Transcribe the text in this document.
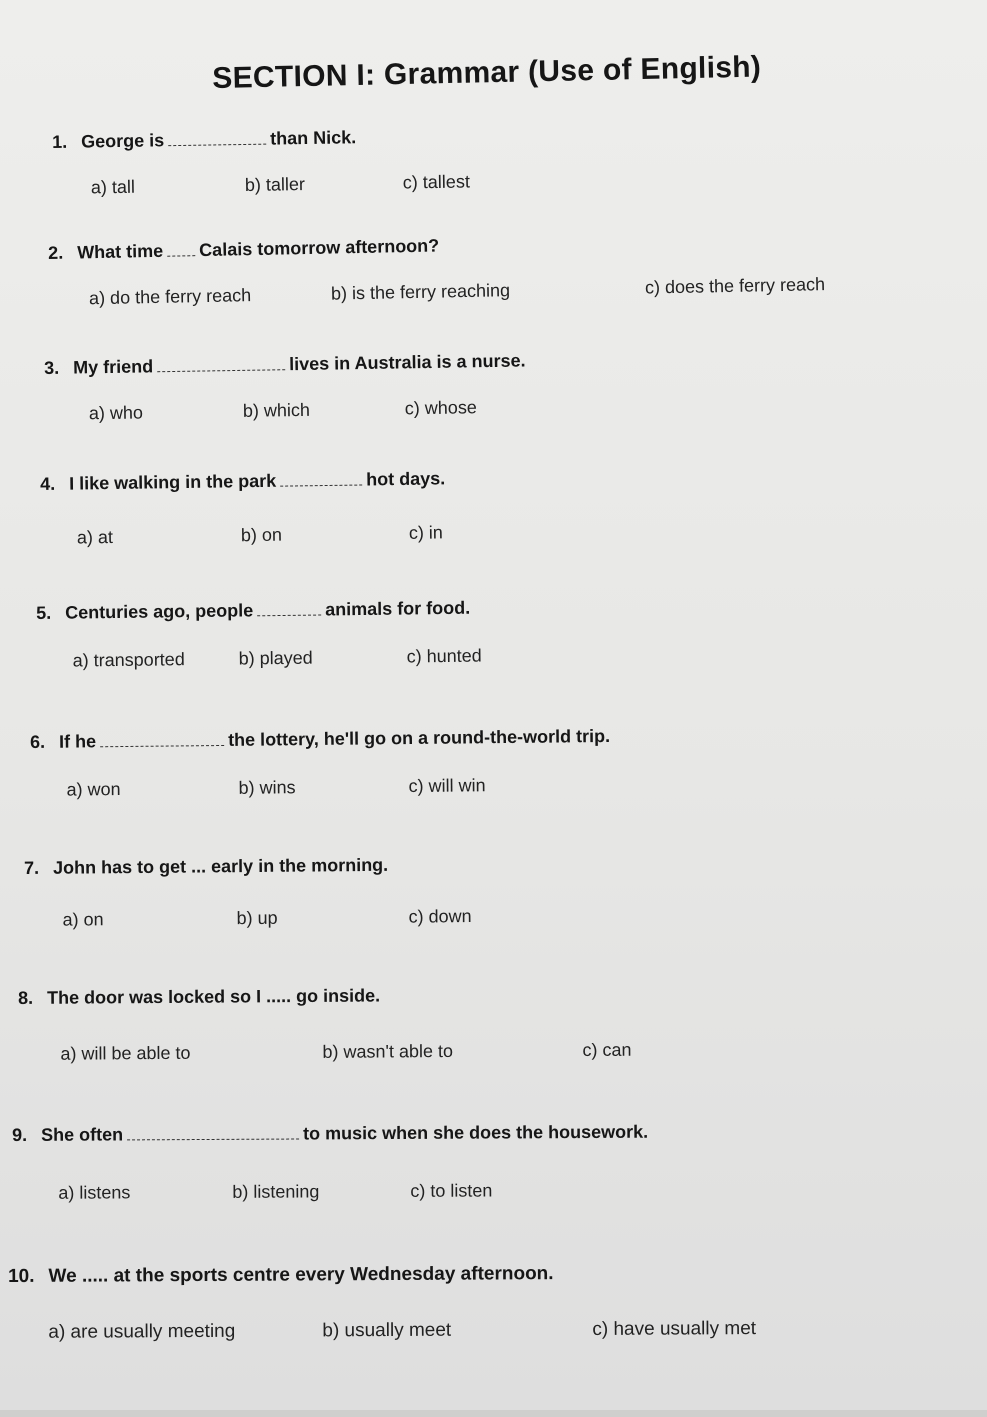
SECTION I: Grammar (Use of English)
1. George is	than Nick.
a) tall	b) taller	c) tallest
2. What time Calais tomorrow afternoon?
a) do the ferry reach	b) is the ferry reaching	c) does the ferry reach
3. My friend	lives in Australia is a nurse.
a) who	b) which	c) whose
4. I like walking in the park	hot days.
a) at	b) on	c) in
5. Centuries ago, people	animals for food.
a) transported	b) played	c) hunted
6. If he	the lottery, he'll go on a round-the-world trip.
a) won	b) wins	c) will win
7. John has to get ... early in the morning.
a) on	b) up	c) down
8. The door was locked so I ..... go inside.
a) will be able to	b) wasn't able to	c) can
9. She often	to music when she does the housework.
a) listens	b) listening	c) to listen
10. We ..... at the sports centre every Wednesday afternoon.
a) are usually meeting	b) usually meet	c) have usually met
